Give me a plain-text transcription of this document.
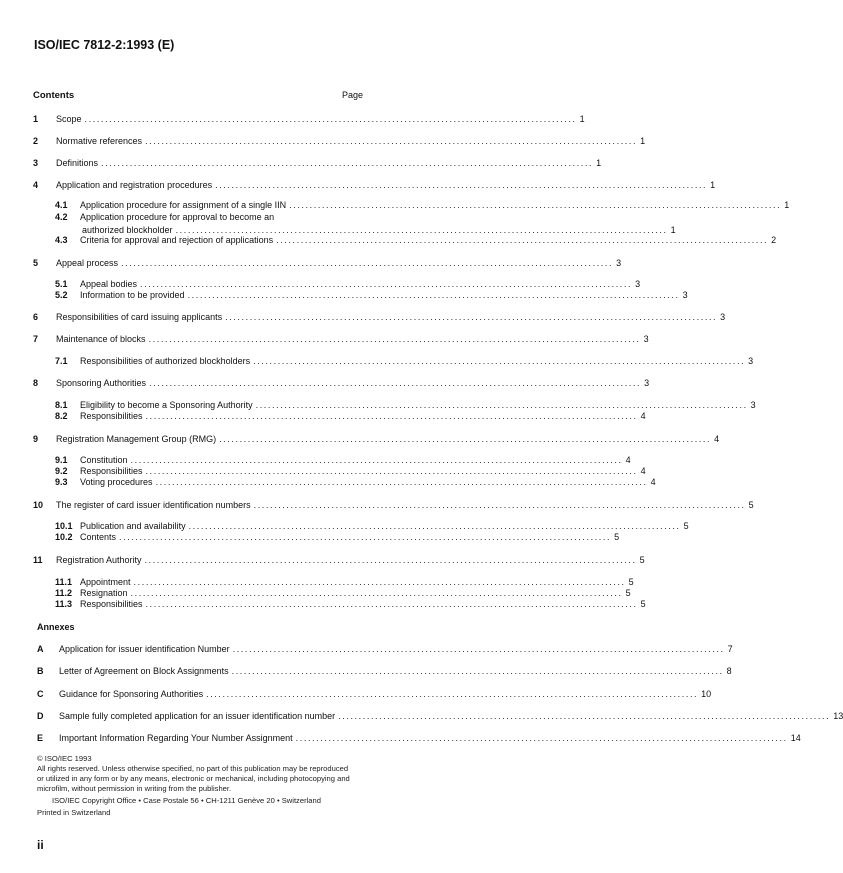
ISO/IEC 7812-2:1993 (E)
Contents	Page
1 Scope ........................................................................................................................ 1
2 Normative references ........................................................................................................................ 1
3 Definitions ........................................................................................................................ 1
4 Application and registration procedures ........................................................................................................................ 1
4.1 Application procedure for assignment of a single IIN ........................................................................................................................ 1
4.2 Application procedure for approval to become an
authorized blockholder ........................................................................................................................ 1
4.3 Criteria for approval and rejection of applications ........................................................................................................................ 2
5 Appeal process ........................................................................................................................ 3
5.1 Appeal bodies ........................................................................................................................ 3
5.2 Information to be provided ........................................................................................................................ 3
6 Responsibilities of card issuing applicants ........................................................................................................................ 3
7 Maintenance of blocks ........................................................................................................................ 3
7.1 Responsibilities of authorized blockholders ........................................................................................................................ 3
8 Sponsoring Authorities ........................................................................................................................ 3
8.1 Eligibility to become a Sponsoring Authority ........................................................................................................................ 3
8.2 Responsibilities ........................................................................................................................ 4
9 Registration Management Group (RMG) ........................................................................................................................ 4
9.1 Constitution ........................................................................................................................ 4
9.2 Responsibilities ........................................................................................................................ 4
9.3 Voting procedures ........................................................................................................................ 4
10 The register of card issuer identification numbers ........................................................................................................................ 5
10.1 Publication and availability ........................................................................................................................ 5
10.2 Contents ........................................................................................................................ 5
11 Registration Authority ........................................................................................................................ 5
11.1 Appointment ........................................................................................................................ 5
11.2 Resignation ........................................................................................................................ 5
11.3 Responsibilities ........................................................................................................................ 5
Annexes
A Application for issuer identification Number ........................................................................................................................ 7
B Letter of Agreement on Block Assignments ........................................................................................................................ 8
C Guidance for Sponsoring Authorities ........................................................................................................................ 10
D Sample fully completed application for an issuer identification number ........................................................................................................................ 13
E Important Information Regarding Your Number Assignment ........................................................................................................................ 14
© ISO/IEC 1993
All rights reserved. Unless otherwise specified, no part of this publication may be reproduced
or utilized in any form or by any means, electronic or mechanical, including photocopying and
microfilm, without permission in writing from the publisher.
ISO/IEC Copyright Office • Case Postale 56 • CH-1211 Genève 20 • Switzerland
Printed in Switzerland
ii
